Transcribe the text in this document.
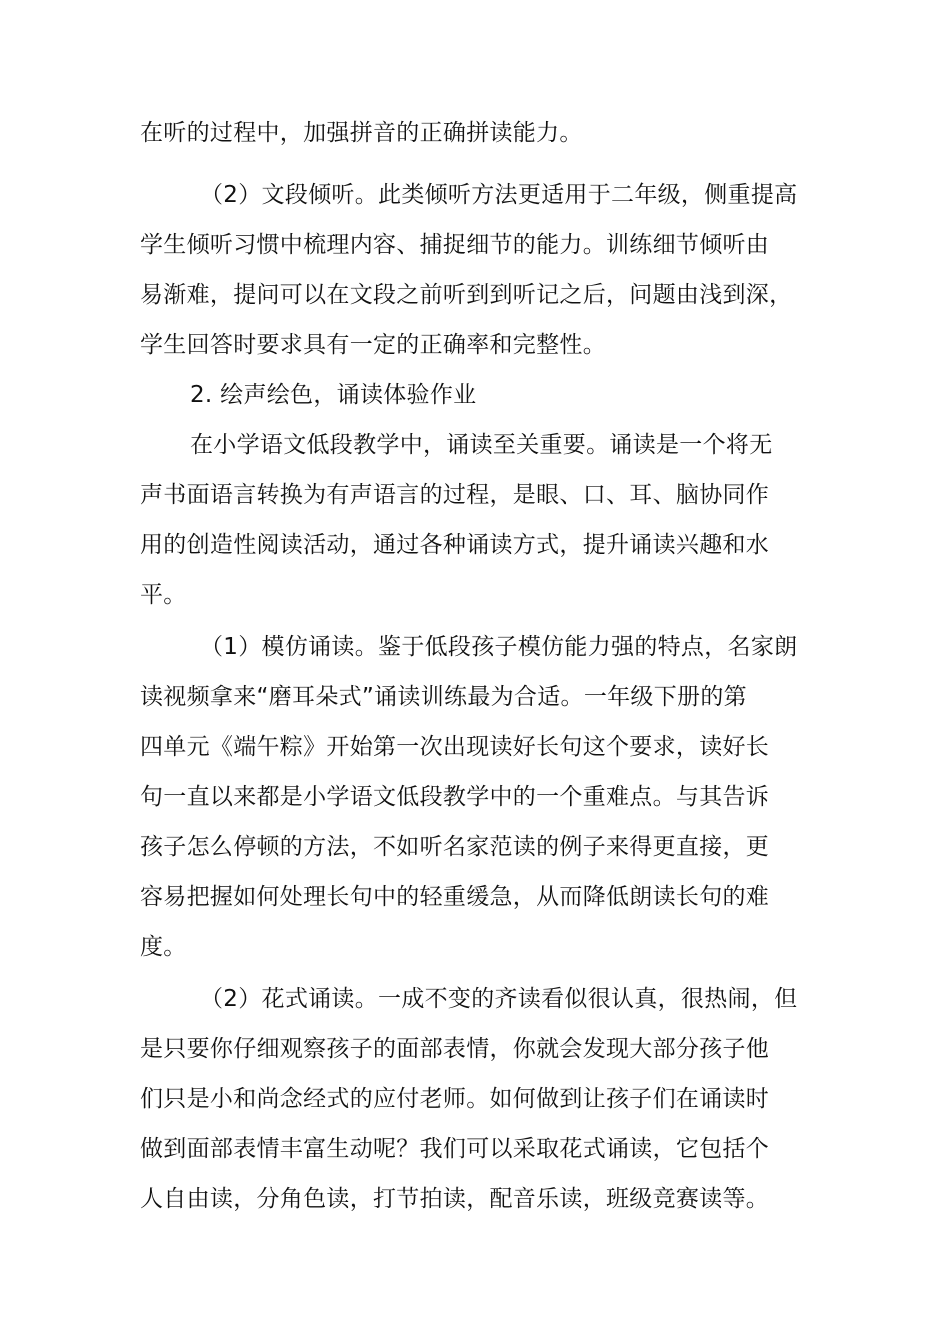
在听的过程中，加强拼音的正确拼读能力。
（2）文段倾听。此类倾听方法更适用于二年级，侧重提高
学生倾听习惯中梳理内容、捕捉细节的能力。训练细节倾听由
易渐难，提问可以在文段之前听到到听记之后，问题由浅到深，
学生回答时要求具有一定的正确率和完整性。
2. 绘声绘色，诵读体验作业
在小学语文低段教学中，诵读至关重要。诵读是一个将无
声书面语言转换为有声语言的过程，是眼、口、耳、脑协同作
用的创造性阅读活动，通过各种诵读方式，提升诵读兴趣和水
平。
（1）模仿诵读。鉴于低段孩子模仿能力强的特点，名家朗
读视频拿来“磨耳朵式”诵读训练最为合适。一年级下册的第
四单元《端午粽》开始第一次出现读好长句这个要求，读好长
句一直以来都是小学语文低段教学中的一个重难点。与其告诉
孩子怎么停顿的方法，不如听名家范读的例子来得更直接，更
容易把握如何处理长句中的轻重缓急，从而降低朗读长句的难
度。
（2）花式诵读。一成不变的齐读看似很认真，很热闹，但
是只要你仔细观察孩子的面部表情，你就会发现大部分孩子他
们只是小和尚念经式的应付老师。如何做到让孩子们在诵读时
做到面部表情丰富生动呢？我们可以采取花式诵读，它包括个
人自由读，分角色读，打节拍读，配音乐读，班级竞赛读等。
